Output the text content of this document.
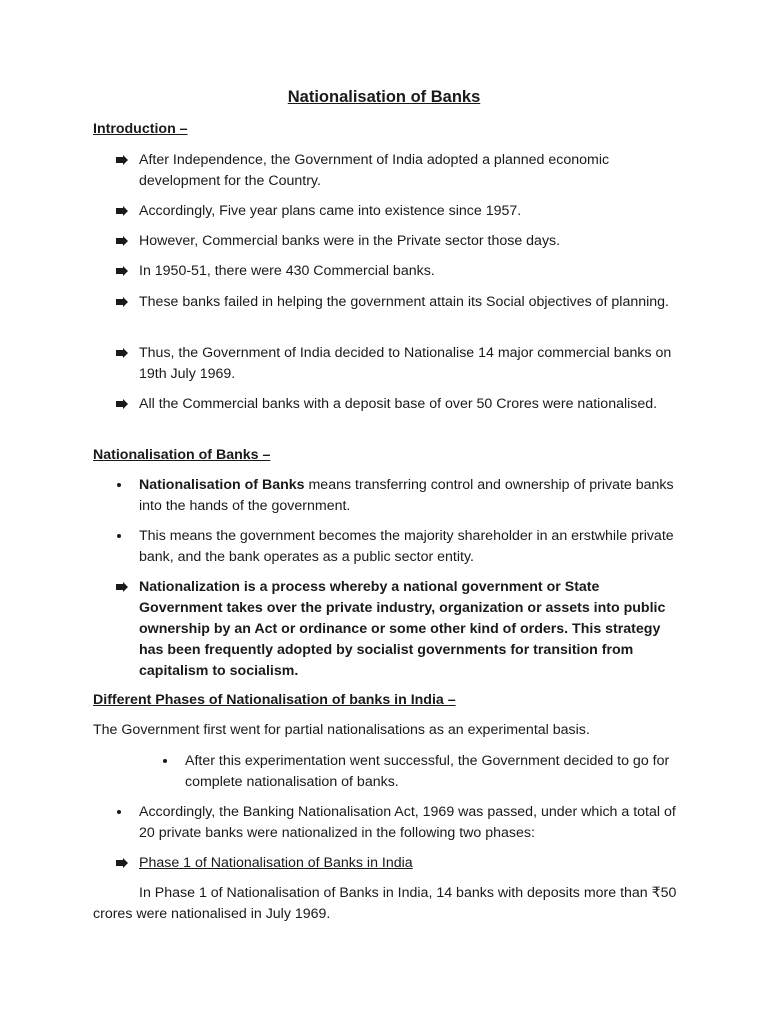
Nationalisation of Banks
Introduction –
After Independence, the Government of India adopted a planned economic development for the Country.
Accordingly, Five year plans came into existence since 1957.
However, Commercial banks were in the Private sector those days.
In 1950-51, there were 430 Commercial banks.
These banks failed in helping the government attain its Social objectives of planning.
Thus, the Government of India decided to Nationalise 14 major commercial banks on 19th July 1969.
All the Commercial banks with a deposit base of over 50 Crores were nationalised.
Nationalisation of Banks –
Nationalisation of Banks means transferring control and ownership of private banks into the hands of the government.
This means the government becomes the majority shareholder in an erstwhile private bank, and the bank operates as a public sector entity.
Nationalization is a process whereby a national government or State Government takes over the private industry, organization or assets into public ownership by an Act or ordinance or some other kind of orders. This strategy has been frequently adopted by socialist governments for transition from capitalism to socialism.
Different Phases of Nationalisation of banks in India –
The Government first went for partial nationalisations as an experimental basis.
After this experimentation went successful, the Government decided to go for complete nationalisation of banks.
Accordingly, the Banking Nationalisation Act, 1969 was passed, under which a total of 20 private banks were nationalized in the following two phases:
Phase 1 of Nationalisation of Banks in India
In Phase 1 of Nationalisation of Banks in India, 14 banks with deposits more than ₹50 crores were nationalised in July 1969.
